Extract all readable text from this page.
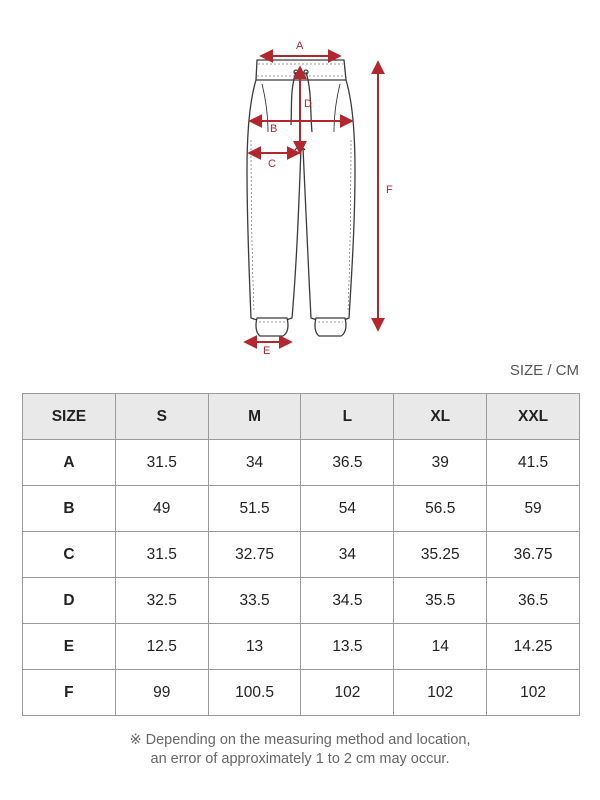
A
B
C
D
E
F
SIZE / CM
SIZE	S	M	L	XL	XXL
A	31.5	34	36.5	39	41.5
B	49	51.5	54	56.5	59
C	31.5	32.75	34	35.25	36.75
D	32.5	33.5	34.5	35.5	36.5
E	12.5	13	13.5	14	14.25
F	99	100.5	102	102	102
※ Depending on the measuring method and location,
an error of approximately 1 to 2 cm may occur.
